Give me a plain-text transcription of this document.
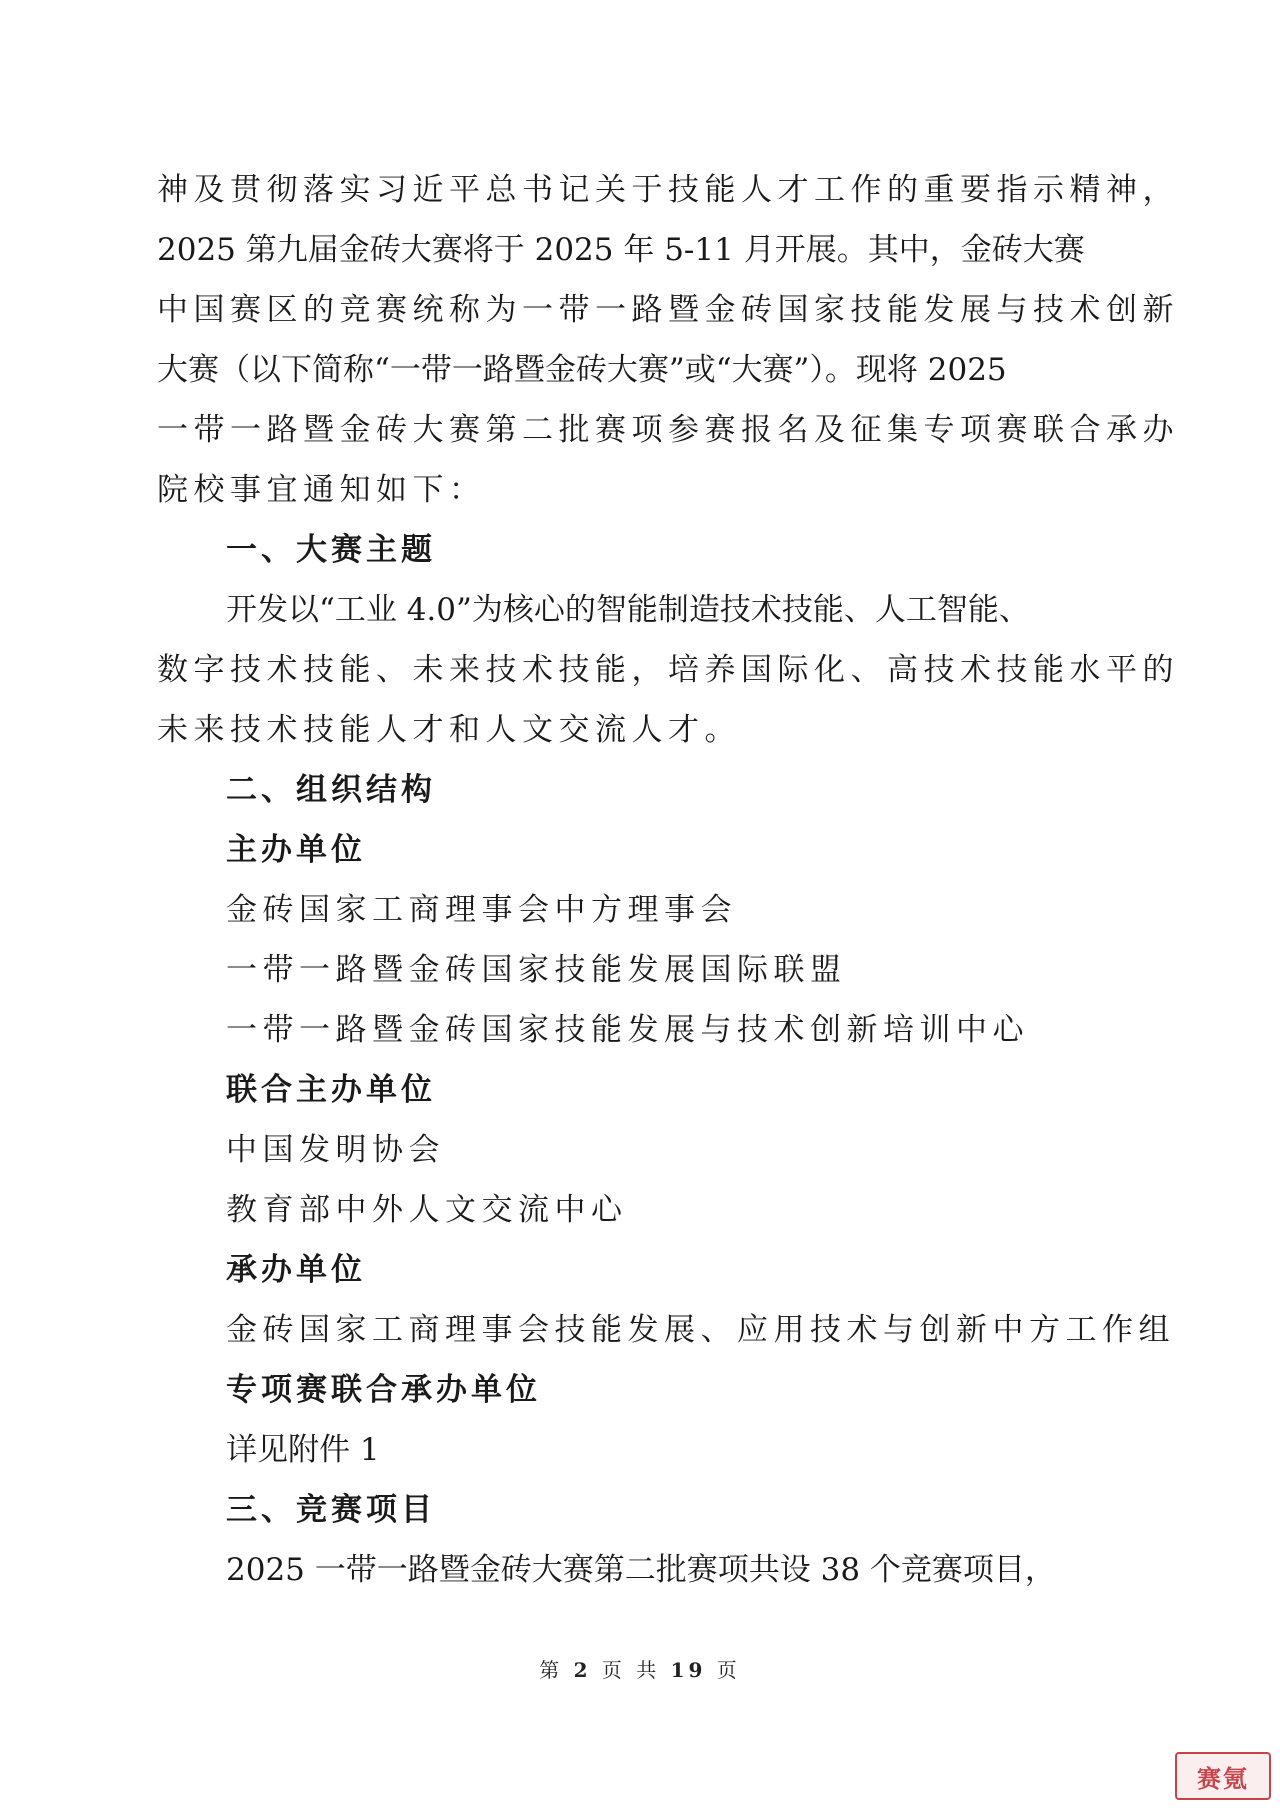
神及贯彻落实习近平总书记关于技能人才工作的重要指示精神，
2025 第九届金砖大赛将于 2025 年 5-11 月开展。其中，金砖大赛
中国赛区的竞赛统称为一带一路暨金砖国家技能发展与技术创新
大赛（以下简称“一带一路暨金砖大赛”或“大赛”）。现将 2025
一带一路暨金砖大赛第二批赛项参赛报名及征集专项赛联合承办
院校事宜通知如下：
一、大赛主题
开发以“工业 4.0”为核心的智能制造技术技能、人工智能、
数字技术技能、未来技术技能，培养国际化、高技术技能水平的
未来技术技能人才和人文交流人才。
二、组织结构
主办单位
金砖国家工商理事会中方理事会
一带一路暨金砖国家技能发展国际联盟
一带一路暨金砖国家技能发展与技术创新培训中心
联合主办单位
中国发明协会
教育部中外人文交流中心
承办单位
金砖国家工商理事会技能发展、应用技术与创新中方工作组
专项赛联合承办单位
详见附件 1
三、竞赛项目
2025 一带一路暨金砖大赛第二批赛项共设 38 个竞赛项目，
第 2 页 共 19 页
赛氪
